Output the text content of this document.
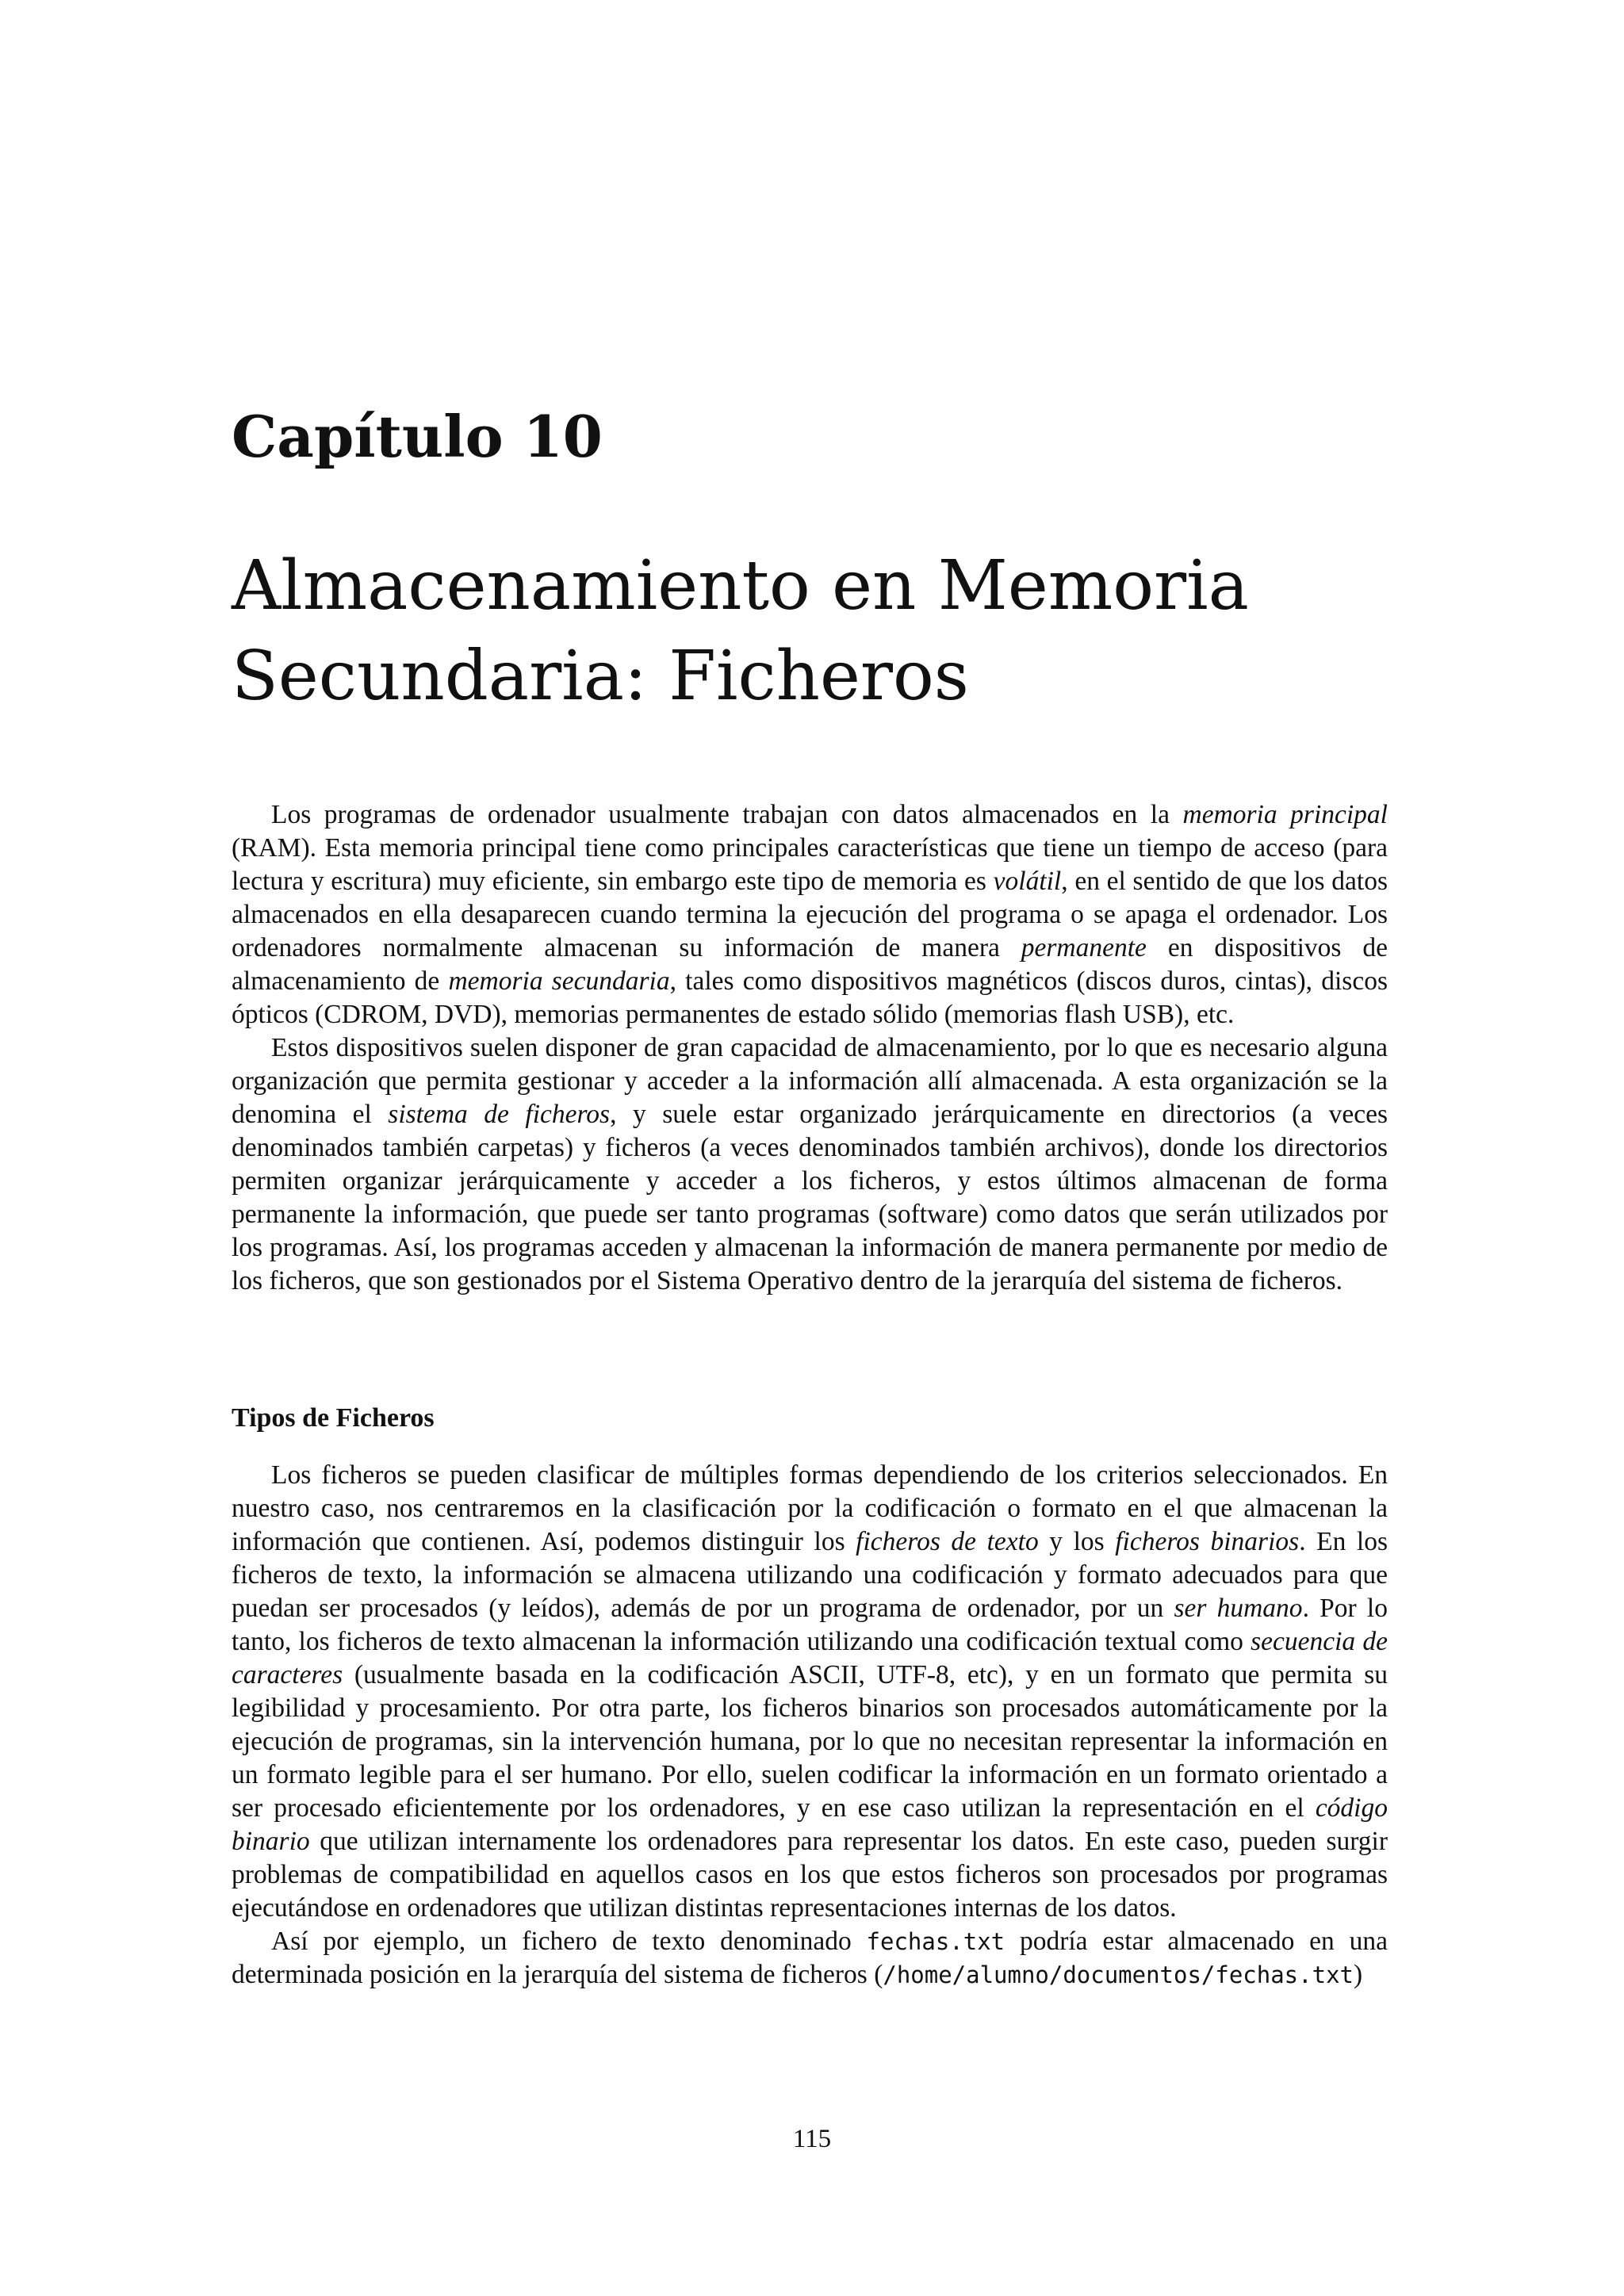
Capítulo 10
Almacenamiento en Memoria
Secundaria: Ficheros

Los programas de ordenador usualmente trabajan con datos almacenados en la memoria principal (RAM). Esta memoria principal tiene como principales características que tiene un tiempo de acceso (para lectura y escritura) muy eficiente, sin embargo este tipo de memoria es volátil, en el sentido de que los datos almacenados en ella desaparecen cuando termina la ejecución del programa o se apaga el ordenador. Los ordenadores normalmente almacenan su información de manera permanente en dispositivos de almacenamiento de memoria secundaria, tales como dispositivos magnéticos (discos duros, cintas), discos ópticos (CDROM, DVD), memorias permanentes de estado sólido (memorias flash USB), etc.

Estos dispositivos suelen disponer de gran capacidad de almacenamiento, por lo que es necesario alguna organización que permita gestionar y acceder a la información allí almacenada. A esta organización se la denomina el sistema de ficheros, y suele estar organizado jerárquicamente en directorios (a veces denominados también carpetas) y ficheros (a veces denominados también archivos), donde los directorios permiten organizar jerárquicamente y acceder a los ficheros, y estos últimos almacenan de forma permanente la información, que puede ser tanto programas (software) como datos que serán utilizados por los programas. Así, los programas acceden y almacenan la información de manera permanente por medio de los ficheros, que son gestionados por el Sistema Operativo dentro de la jerarquía del sistema de ficheros.

Tipos de Ficheros

Los ficheros se pueden clasificar de múltiples formas dependiendo de los criterios seleccionados. En nuestro caso, nos centraremos en la clasificación por la codificación o formato en el que almacenan la información que contienen. Así, podemos distinguir los ficheros de texto y los ficheros binarios. En los ficheros de texto, la información se almacena utilizando una codificación y formato adecuados para que puedan ser procesados (y leídos), además de por un programa de ordenador, por un ser humano. Por lo tanto, los ficheros de texto almacenan la información utilizando una codificación textual como secuencia de caracteres (usualmente basada en la codificación ASCII, UTF-8, etc), y en un formato que permita su legibilidad y procesamiento. Por otra parte, los ficheros binarios son procesados automáticamente por la ejecución de programas, sin la intervención humana, por lo que no necesitan representar la información en un formato legible para el ser humano. Por ello, suelen codificar la información en un formato orientado a ser procesado eficientemente por los ordenadores, y en ese caso utilizan la representación en el código binario que utilizan internamente los ordenadores para representar los datos. En este caso, pueden surgir problemas de compatibilidad en aquellos casos en los que estos ficheros son procesados por programas ejecutándose en ordenadores que utilizan distintas representaciones internas de los datos.

Así por ejemplo, un fichero de texto denominado fechas.txt podría estar almacenado en una determinada posición en la jerarquía del sistema de ficheros (/home/alumno/documentos/fechas.txt)

115
